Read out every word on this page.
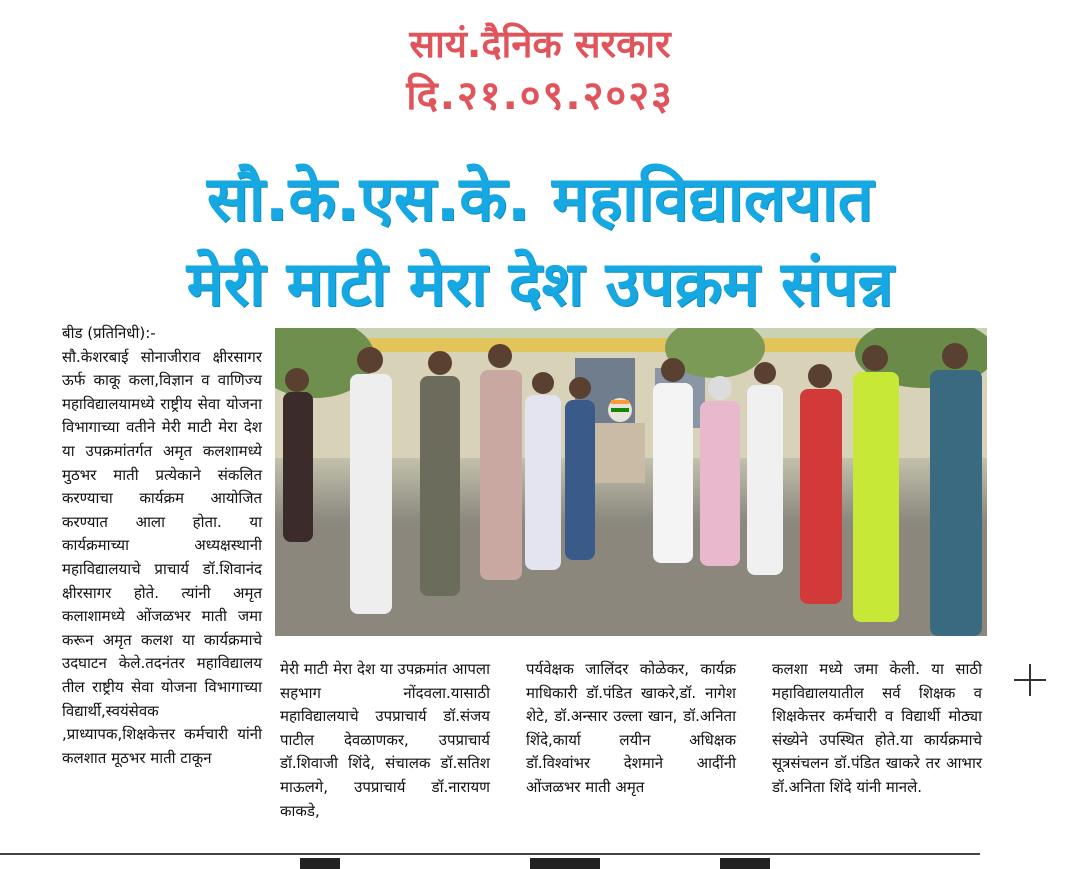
सायं.दैनिक सरकार
दि.२१.०९.२०२३
सौ.के.एस.के. महाविद्यालयात
मेरी माटी मेरा देश उपक्रम संपन्न
बीड (प्रतिनिधी):-
सौ.केशरबाई सोनाजीराव क्षीरसागर ऊर्फ काकू कला,विज्ञान व वाणिज्य महाविद्यालयामध्ये राष्ट्रीय सेवा योजना विभागाच्या वतीने मेरी माटी मेरा देश या उपक्रमांतर्गत अमृत कलशामध्ये मुठभर माती प्रत्येकाने संकलित करण्याचा कार्यक्रम आयोजित करण्यात आला होता. या कार्यक्रमाच्या अध्यक्षस्थानी महाविद्यालयाचे प्राचार्य डॉ.शिवानंद क्षीरसागर होते. त्यांनी अमृत कलाशामध्ये ओंजळभर माती जमा करून अमृत कलश या कार्यक्रमाचे उदघाटन केले.तदनंतर महाविद्यालय तील राष्ट्रीय सेवा योजना विभागाच्या विद्यार्थी,स्वयंसेवक ,प्राध्यापक,शिक्षकेत्तर कर्मचारी यांनी कलशात मूठभर माती टाकून
मेरी माटी मेरा देश या उपक्रमांत आपला सहभाग नोंदवला.यासाठी महाविद्यालयाचे उपप्राचार्य डॉ.संजय पाटील देवळाणकर, उपप्राचार्य डॉ.शिवाजी शिंदे, संचालक डॉ.सतिश माऊलगे, उपप्राचार्य डॉ.नारायण काकडे,
पर्यवेक्षक जालिंदर कोळेकर, कार्यक्र माधिकारी डॉ.पंडित खाकरे,डॉ. नागेश शेटे, डॉ.अन्सार उल्ला खान, डॉ.अनिता शिंदे,कार्या लयीन अधिक्षक डॉ.विश्वांभर देशमाने आदींनी ओंजळभर माती अमृत
कलशा मध्ये जमा केली. या साठी महाविद्यालयातील सर्व शिक्षक व शिक्षकेत्तर कर्मचारी व विद्यार्थी मोठ्या संख्येने उपस्थित होते.या कार्यक्रमाचे सूत्रसंचलन डॉ.पंडित खाकरे तर आभार डॉ.अनिता शिंदे यांनी मानले.
